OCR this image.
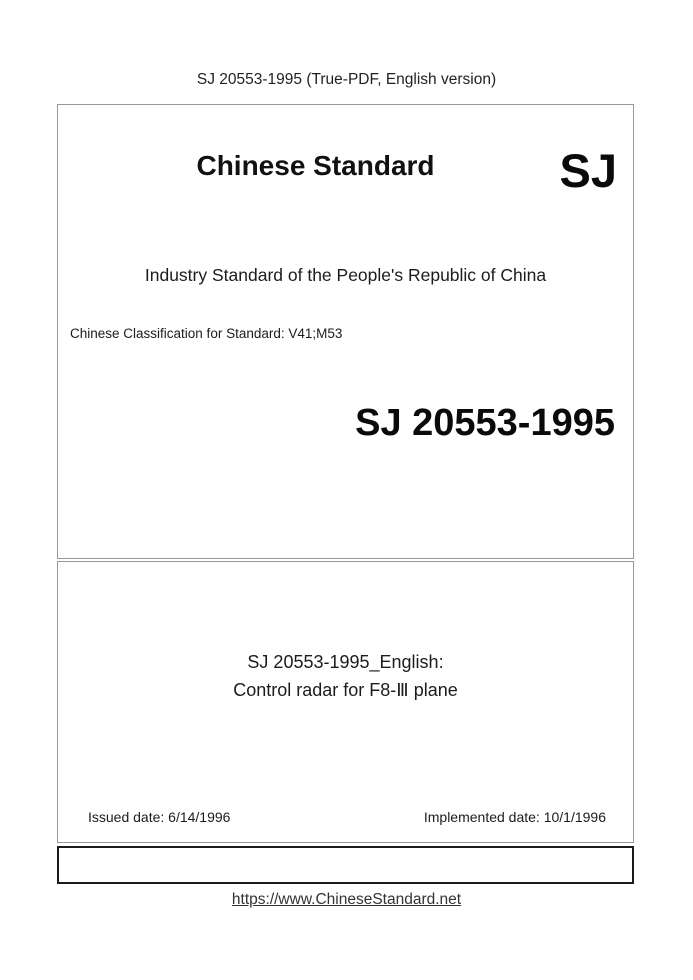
SJ 20553-1995 (True-PDF, English version)
Chinese Standard	SJ
Industry Standard of the People's Republic of China
Chinese Classification for Standard: V41;M53
SJ 20553-1995
SJ 20553-1995_English:
Control radar for F8-Ⅲ plane
Issued date: 6/14/1996	Implemented date: 10/1/1996
https://www.ChineseStandard.net
